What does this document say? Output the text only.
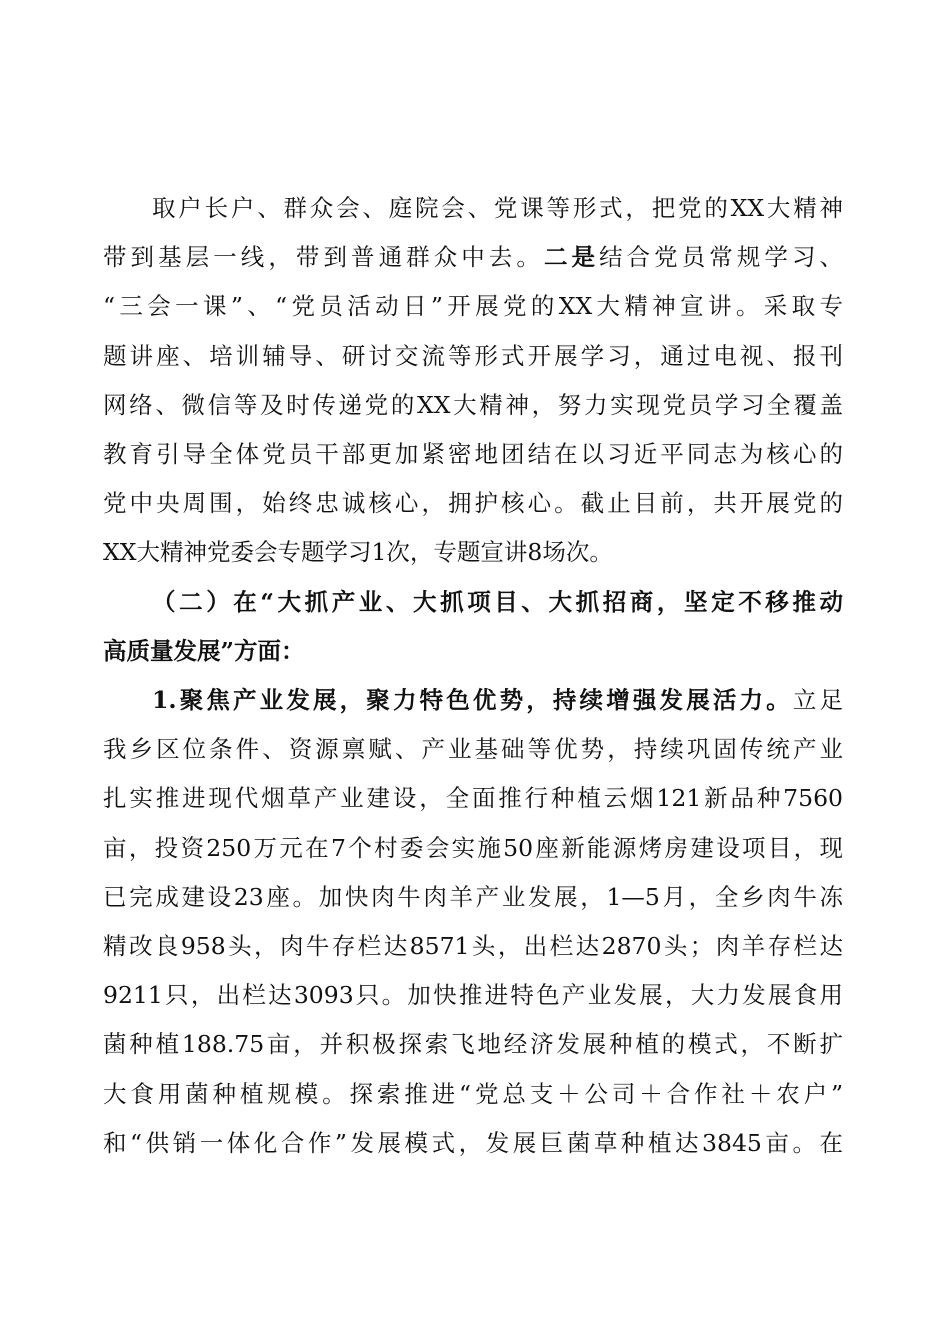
取户长户、群众会、庭院会、党课等形式，把党的XX大精神
带到基层一线，带到普通群众中去。二是结合党员常规学习、
“三会一课”、“党员活动日”开展党的XX大精神宣讲。采取专
题讲座、培训辅导、研讨交流等形式开展学习，通过电视、报刊
网络、微信等及时传递党的XX大精神，努力实现党员学习全覆盖
教育引导全体党员干部更加紧密地团结在以习近平同志为核心的
党中央周围，始终忠诚核心，拥护核心。截止目前，共开展党的
XX大精神党委会专题学习1次，专题宣讲8场次。
（二）在“大抓产业、大抓项目、大抓招商，坚定不移推动
高质量发展”方面：
1.聚焦产业发展，聚力特色优势，持续增强发展活力。立足
我乡区位条件、资源禀赋、产业基础等优势，持续巩固传统产业
扎实推进现代烟草产业建设，全面推行种植云烟121新品种7560
亩，投资250万元在7个村委会实施50座新能源烤房建设项目，现
已完成建设23座。加快肉牛肉羊产业发展，1—5月，全乡肉牛冻
精改良958头，肉牛存栏达8571头，出栏达2870头；肉羊存栏达
9211只，出栏达3093只。加快推进特色产业发展，大力发展食用
菌种植188.75亩，并积极探索飞地经济发展种植的模式，不断扩
大食用菌种植规模。探索推进“党总支＋公司＋合作社＋农户”
和“供销一体化合作”发展模式，发展巨菌草种植达3845亩。在
